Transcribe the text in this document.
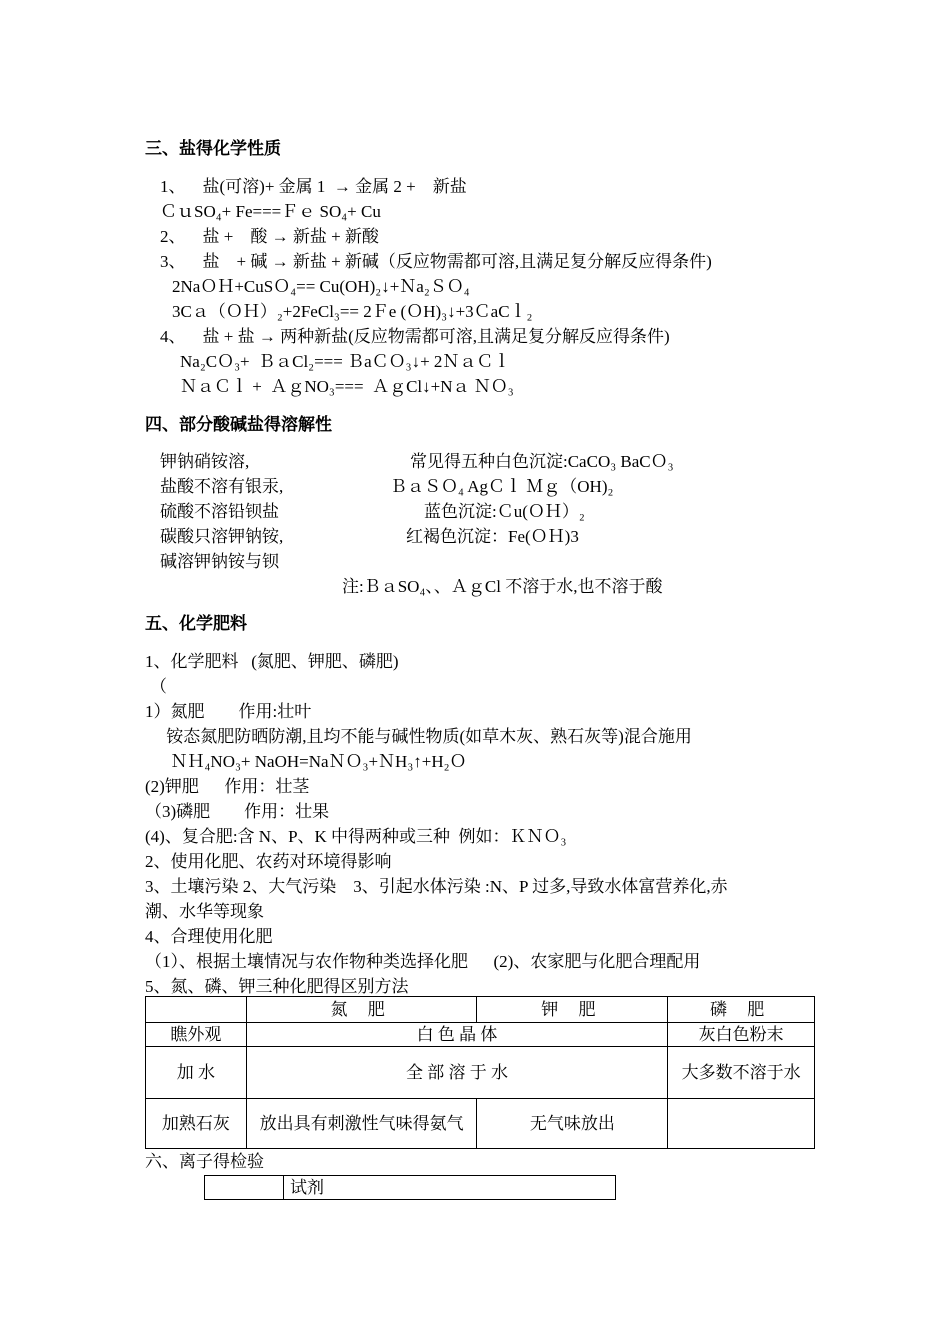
三、盐得化学性质
1、    盐(可溶)+ 金属 1  → 金属 2 +    新盐
ＣｕSO₄+ Fe===Ｆｅ SO₄+ Cu
2、    盐 +    酸 → 新盐 + 新酸
3、    盐    + 碱 → 新盐 + 新碱（反应物需都可溶,且满足复分解反应得条件)
2NaＯＨ+CuSＯ₄== Cu(OH)₂↓+Ｎa₂ＳＯ₄
3Cａ（ＯＨ）₂+2FeCl₃== 2Ｆe (ＯH)₃↓+3ＣaCｌ₂
4、    盐 + 盐 → 两种新盐(反应物需都可溶,且满足复分解反应得条件)
Na₂CＯ₃+  ＢａCl₂=== ＢaＣＯ₃↓+ 2ＮａＣｌ
ＮａＣｌ +  ＡｇNO₃===  ＡｇCl↓+Nａ ＮＯ₃
四、部分酸碱盐得溶解性
钾钠硝铵溶,
盐酸不溶有银汞,
硫酸不溶铅钡盐
碳酸只溶钾钠铵,
碱溶钾钠铵与钡
常见得五种白色沉淀:CaCO₃ BaCＯ₃
ＢａＳＯ₄ AgＣｌ Ｍｇ（OH)₂
蓝色沉淀:Ｃu(ＯＨ）₂
红褐色沉淀：Fe(ＯＨ)3
注:ＢａSO₄、、ＡｇCl 不溶于水,也不溶于酸
五、化学肥料
1、化学肥料   (氮肥、钾肥、磷肥)
（
1）氮肥        作用:壮叶
铵态氮肥防晒防潮,且均不能与碱性物质(如草木灰、熟石灰等)混合施用
ＮＨ₄NO₃+ NaOH=NaＮＯ₃+ＮH₃↑+H₂Ｏ
(2)钾肥      作用：壮茎
（3)磷肥        作用：壮果
(4)、复合肥:含 N、P、K 中得两种或三种  例如：ＫＮＯ₃
2、使用化肥、农药对环境得影响
3、土壤污染 2、大气污染    3、引起水体污染 :N、P 过多,导致水体富营养化,赤
潮、水华等现象
4、合理使用化肥
（1）、根据土壤情况与农作物种类选择化肥      (2)、农家肥与化肥合理配用
5、氮、磷、钾三种化肥得区别方法
	氮 肥	钾 肥	磷 肥
瞧外观	白 色 晶 体		灰白色粉末
加 水	全 部 溶 于 水		大多数不溶于水
加熟石灰	放出具有刺激性气味得氨气	无气味放出	
六、离子得检验
	试剂
